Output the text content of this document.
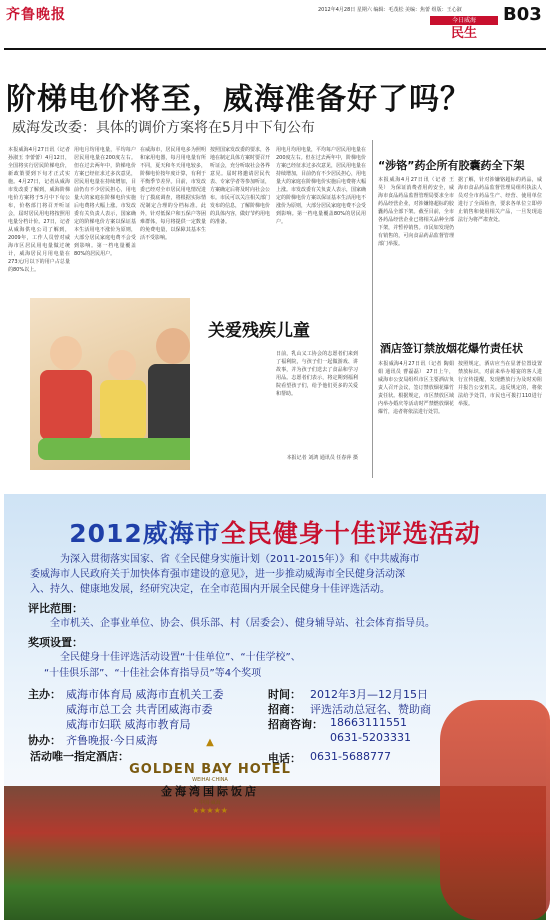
齐鲁晚报	2012年4月28日 星期六 编辑：毛茂松 美编：焦蕾 组版：王心淑
今日威海
民生
B03
阶梯电价将至，威海准备好了吗？
威海发改委：具体的调价方案将在5月中下旬公布
本报威海4月27日讯（记者 孙淑玉 李蕾蕾）4月12日，全国将实行居民阶梯电价，新政策要到下旬才正式实施。4月27日，记者从威海市发改委了解到，威海阶梯电价方案将于5月中下旬公布，价格部门将召开听证会，届时居民用电将按照用电量分档计价。27日，记者从威海供电公司了解到，2009年，工作人员曾对威海市区居民用电量做过统计，威海居民月用电量在273元/月以下的用户占总量的80%以上。
用电月均用电量，平均每户居民用电量在200度左右。但在过去两年中，阶梯电价方案已经征求过多次意见，居民用电量在持续增加，目前仍有不少居民担心，用电量大的家庭在阶梯电价实施后电费将大幅上涨。市发改委有关负责人表示，国家确定的阶梯电价方案以保证基本生活用电不涨价为原则，大部分居民家庭电费不会受到影响。第一档电量覆盖80%的居民用户。
在威海市，居民用电多为照明和家用电器，每月用电量有所不同，夏天和冬天用电较多，阶梯电价按年度计算，有利于平衡季节差异。目前，市发改委已经对全市居民用电情况进行了摸底调查，将根据实际情况制定合理的分档标准。此外，针对低保户和五保户等困难群体，每月将提供一定数量的免费电量，以保障其基本生活不受影响。
按照国家发改委的要求，各地在制定具体方案时要召开听证会，充分听取社会各界意见。届时将邀请居民代表、专家学者等参加听证，方案确定后将及时向社会公布。市民可以关注相关部门发布的信息，了解阶梯电价的具体内容，做好节约用电的准备。
用电月均用电量，平均每户居民用电量在200度左右。但在过去两年中，阶梯电价方案已经征求过多次意见，居民用电量在持续增加，目前仍有不少居民担心，用电量大的家庭在阶梯电价实施后电费将大幅上涨。市发改委有关负责人表示，国家确定的阶梯电价方案以保证基本生活用电不涨价为原则，大部分居民家庭电费不会受到影响。第一档电量覆盖80%的居民用户。
关爱残疾儿童
日前，乳山义工协会的志愿者们来到了福利院，与孩子们一起做游戏、讲故事，并为孩子们送去了食品和学习用品。志愿者们表示，将定期到福利院看望孩子们，给予他们更多的关爱和帮助。
本报记者 刘鸿 通讯员 任春萍 摄
“涉铬”药企所有胶囊药全下架
本报威海4月27日讯（记者 王昊） 为保证消费者用药安全，威海市食品药品监督管理局要求全市药品经营企业，对涉嫌铬超标的胶囊药品全部下架。截至目前，全市各药品经营企业已将相关品种全部下架，并暂停销售。市民如发现仍有销售的，可向食品药品监督管理部门举报。
据了解，针对涉嫌铬超标的药品，威海市食品药品监督管理局组织执法人员对全市药品生产、经营、使用单位进行了全面检查，要求各单位立即停止销售和使用相关产品，一旦发现违法行为将严肃查处。
酒店签订禁放烟花爆竹责任状
本报威海4月27日讯（记者 陶娟娟 通讯员 曹磊磊） 27日上午，威海市公安局组织市区主要酒店负责人召开会议，签订禁放烟花爆竹责任状。根据规定，市区禁放区域内举办婚庆等活动时严禁燃放烟花爆竹，违者将依法进行处罚。
按照规定，酒店应当在显著位置设置禁放标识，对前来举办婚宴的客人进行宣传提醒，发现燃放行为及时劝阻并报告公安机关。违反规定的，将依法给予处罚，市民也可拨打110进行举报。
2012威海市全民健身十佳评选活动
为深入贯彻落实国家、省《全民健身实施计划（2011-2015年）》和《中共威海市
委威海市人民政府关于加快体育强市建设的意见》，进一步推动威海市全民健身活动深
入、持久、健康地发展，经研究决定，在全市范围内开展全民健身十佳评选活动。
评比范围：
全市机关、企事业单位、协会、俱乐部、村（居委会）、健身辅导站、社会体育指导员。
奖项设置：
全民健身十佳评选活动设置“十佳单位”、“十佳学校”、
“十佳俱乐部”、“十佳社会体育指导员”等4个奖项
主办： 威海市体育局 威海市直机关工委
威海市总工会 共青团威海市委
威海市妇联 威海市教育局
协办： 齐鲁晚报·今日威海
时间： 2012年3月—12月15日
招商： 评选活动总冠名、赞助商
招商咨询： 18663111551
0631-5203331
活动唯一指定酒店：	电话： 0631-5688777
▲
GOLDEN BAY HOTEL
WEIHAI·CHINA
金海湾国际饭店
中国·威海
★★★★★
